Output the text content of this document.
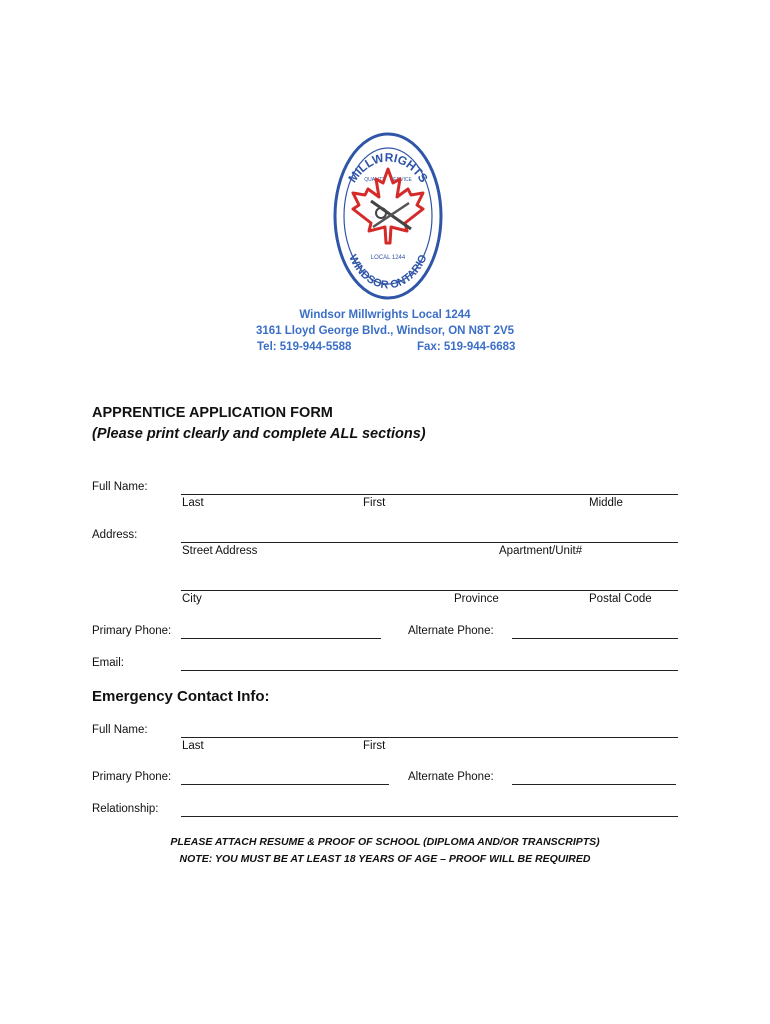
MILLWRIGHTS
QUALITY · SERVICE
LOCAL 1244
WINDSOR ONTARIO
Windsor Millwrights Local 1244
3161 Lloyd George Blvd., Windsor, ON N8T 2V5
Tel: 519-944-5588	Fax: 519-944-6683
APPRENTICE APPLICATION FORM
(Please print clearly and complete ALL sections)
Full Name:
Last	First	Middle
Address:
Street Address	Apartment/Unit#
City	Province	Postal Code
Primary Phone:	Alternate Phone:
Email:
Emergency Contact Info:
Full Name:
Last	First
Primary Phone:	Alternate Phone:
Relationship:
PLEASE ATTACH RESUME & PROOF OF SCHOOL (DIPLOMA AND/OR TRANSCRIPTS)
NOTE: YOU MUST BE AT LEAST 18 YEARS OF AGE – PROOF WILL BE REQUIRED
